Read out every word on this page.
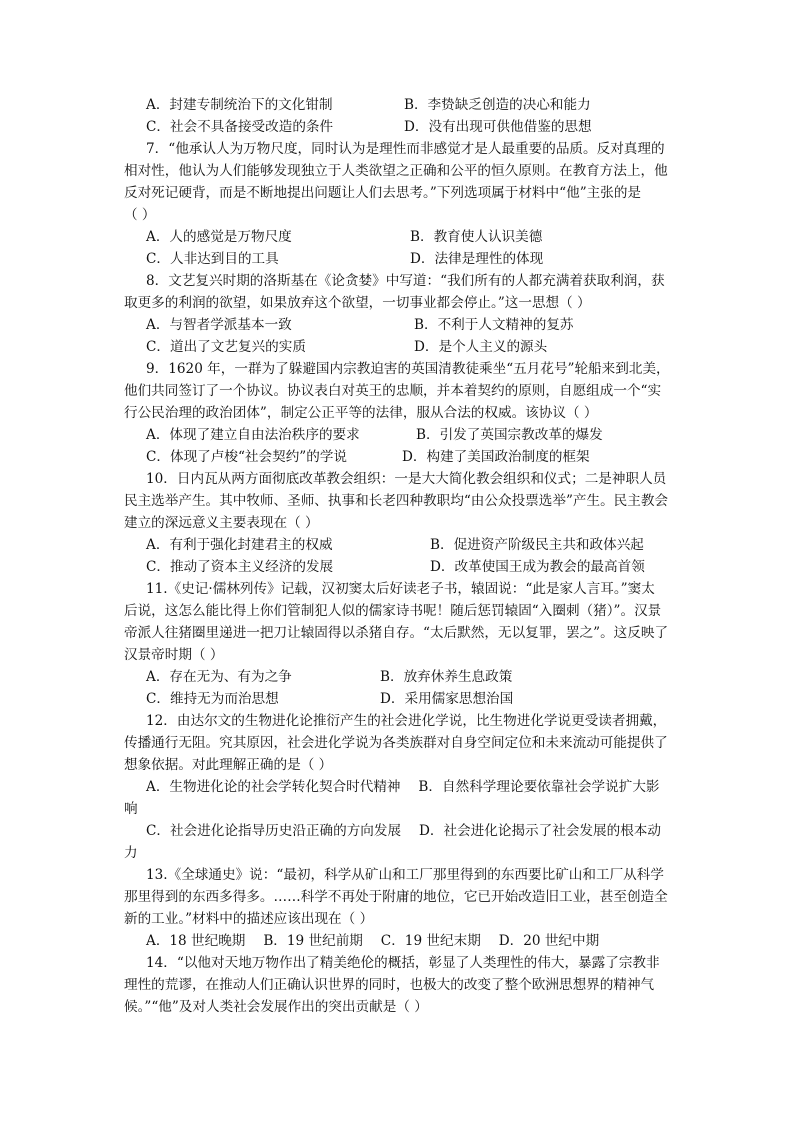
A．封建专制统治下的文化钳制	B．李贽缺乏创造的决心和能力
C．社会不具备接受改造的条件	D．没有出现可供他借鉴的思想
7．“他承认人为万物尺度，同时认为是理性而非感觉才是人最重要的品质。反对真理的
相对性，他认为人们能够发现独立于人类欲望之正确和公平的恒久原则。在教育方法上，他
反对死记硬背，而是不断地提出问题让人们去思考。”下列选项属于材料中“他”主张的是
（ ）
A．人的感觉是万物尺度	B．教育使人认识美德
C．人非达到目的工具	D．法律是理性的体现
8．文艺复兴时期的洛斯基在《论贪婪》中写道：“我们所有的人都充满着获取利润，获
取更多的利润的欲望，如果放弃这个欲望，一切事业都会停止。”这一思想（ ）
A．与智者学派基本一致	B．不利于人文精神的复苏
C．道出了文艺复兴的实质	D．是个人主义的源头
9．1620 年，一群为了躲避国内宗教迫害的英国清教徒乘坐“五月花号”轮船来到北美，
他们共同签订了一个协议。协议表白对英王的忠顺，并本着契约的原则，自愿组成一个“实
行公民治理的政治团体”，制定公正平等的法律，服从合法的权威。该协议（ ）
A．体现了建立自由法治秩序的要求	B．引发了英国宗教改革的爆发
C．体现了卢梭“社会契约”的学说	D．构建了美国政治制度的框架
10．日内瓦从两方面彻底改革教会组织：一是大大简化教会组织和仪式；二是神职人员
民主选举产生。其中牧师、圣师、执事和长老四种教职均“由公众投票选举”产生。民主教会
建立的深远意义主要表现在（ ）
A．有利于强化封建君主的权威	B．促进资产阶级民主共和政体兴起
C．推动了资本主义经济的发展	D．改革使国王成为教会的最高首领
11.《史记·儒林列传》记载，汉初窦太后好读老子书，辕固说：“此是家人言耳。”窦太
后说，这怎么能比得上你们管制犯人似的儒家诗书呢！随后惩罚辕固“入圈刺（猪）”。汉景
帝派人往猪圈里递进一把刀让辕固得以杀猪自存。“太后默然，无以复罪，罢之”。这反映了
汉景帝时期（ ）
A．存在无为、有为之争	B．放弃休养生息政策
C．维持无为而治思想	D．采用儒家思想治国
12．由达尔文的生物进化论推衍产生的社会进化学说，比生物进化学说更受读者拥戴，
传播通行无阻。究其原因，社会进化学说为各类族群对自身空间定位和未来流动可能提供了
想象依据。对此理解正确的是（ ）
A．生物进化论的社会学转化契合时代精神　 B．自然科学理论要依靠社会学说扩大影
响
C．社会进化论指导历史沿正确的方向发展　 D．社会进化论揭示了社会发展的根本动
力
13.《全球通史》说：“最初，科学从矿山和工厂那里得到的东西要比矿山和工厂从科学
那里得到的东西多得多。……科学不再处于附庸的地位，它已开始改造旧工业，甚至创造全
新的工业。”材料中的描述应该出现在（ ）
A．18 世纪晚期　 B．19 世纪前期　 C．19 世纪末期　 D．20 世纪中期
14．“以他对天地万物作出了精美绝伦的概括，彰显了人类理性的伟大，暴露了宗教非
理性的荒谬，在推动人们正确认识世界的同时，也极大的改变了整个欧洲思想界的精神气
候。”“他”及对人类社会发展作出的突出贡献是（ ）
